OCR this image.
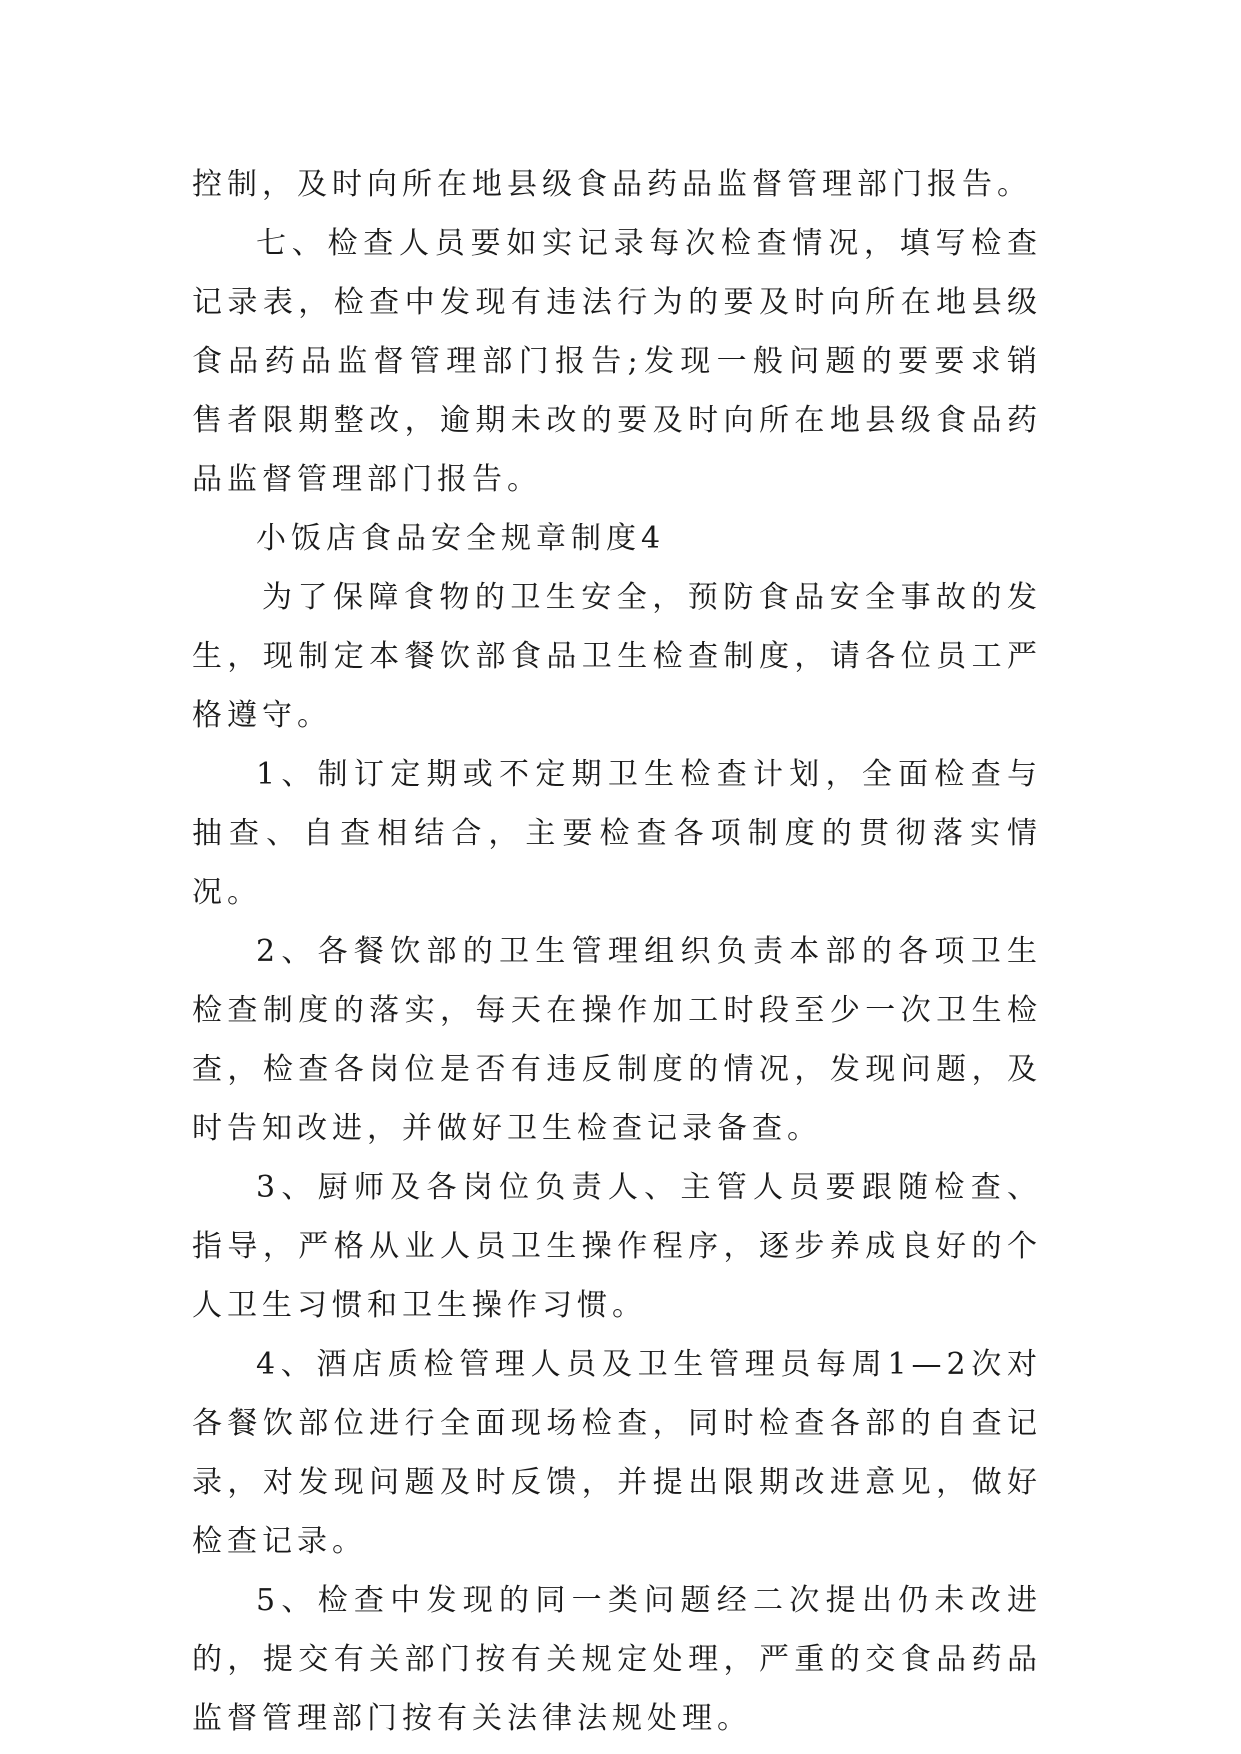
控制，及时向所在地县级食品药品监督管理部门报告。

七、检查人员要如实记录每次检查情况，填写检查记录表，检查中发现有违法行为的要及时向所在地县级食品药品监督管理部门报告;发现一般问题的要要求销售者限期整改，逾期未改的要及时向所在地县级食品药品监督管理部门报告。

小饭店食品安全规章制度4

为了保障食物的卫生安全，预防食品安全事故的发生，现制定本餐饮部食品卫生检查制度，请各位员工严格遵守。

1、制订定期或不定期卫生检查计划，全面检查与抽查、自查相结合，主要检查各项制度的贯彻落实情况。

2、各餐饮部的卫生管理组织负责本部的各项卫生检查制度的落实，每天在操作加工时段至少一次卫生检查，检查各岗位是否有违反制度的情况，发现问题，及时告知改进，并做好卫生检查记录备查。

3、厨师及各岗位负责人、主管人员要跟随检查、指导，严格从业人员卫生操作程序，逐步养成良好的个人卫生习惯和卫生操作习惯。

4、酒店质检管理人员及卫生管理员每周1—2次对各餐饮部位进行全面现场检查，同时检查各部的自查记录，对发现问题及时反馈，并提出限期改进意见，做好检查记录。

5、检查中发现的同一类问题经二次提出仍未改进的，提交有关部门按有关规定处理，严重的交食品药品监督管理部门按有关法律法规处理。
